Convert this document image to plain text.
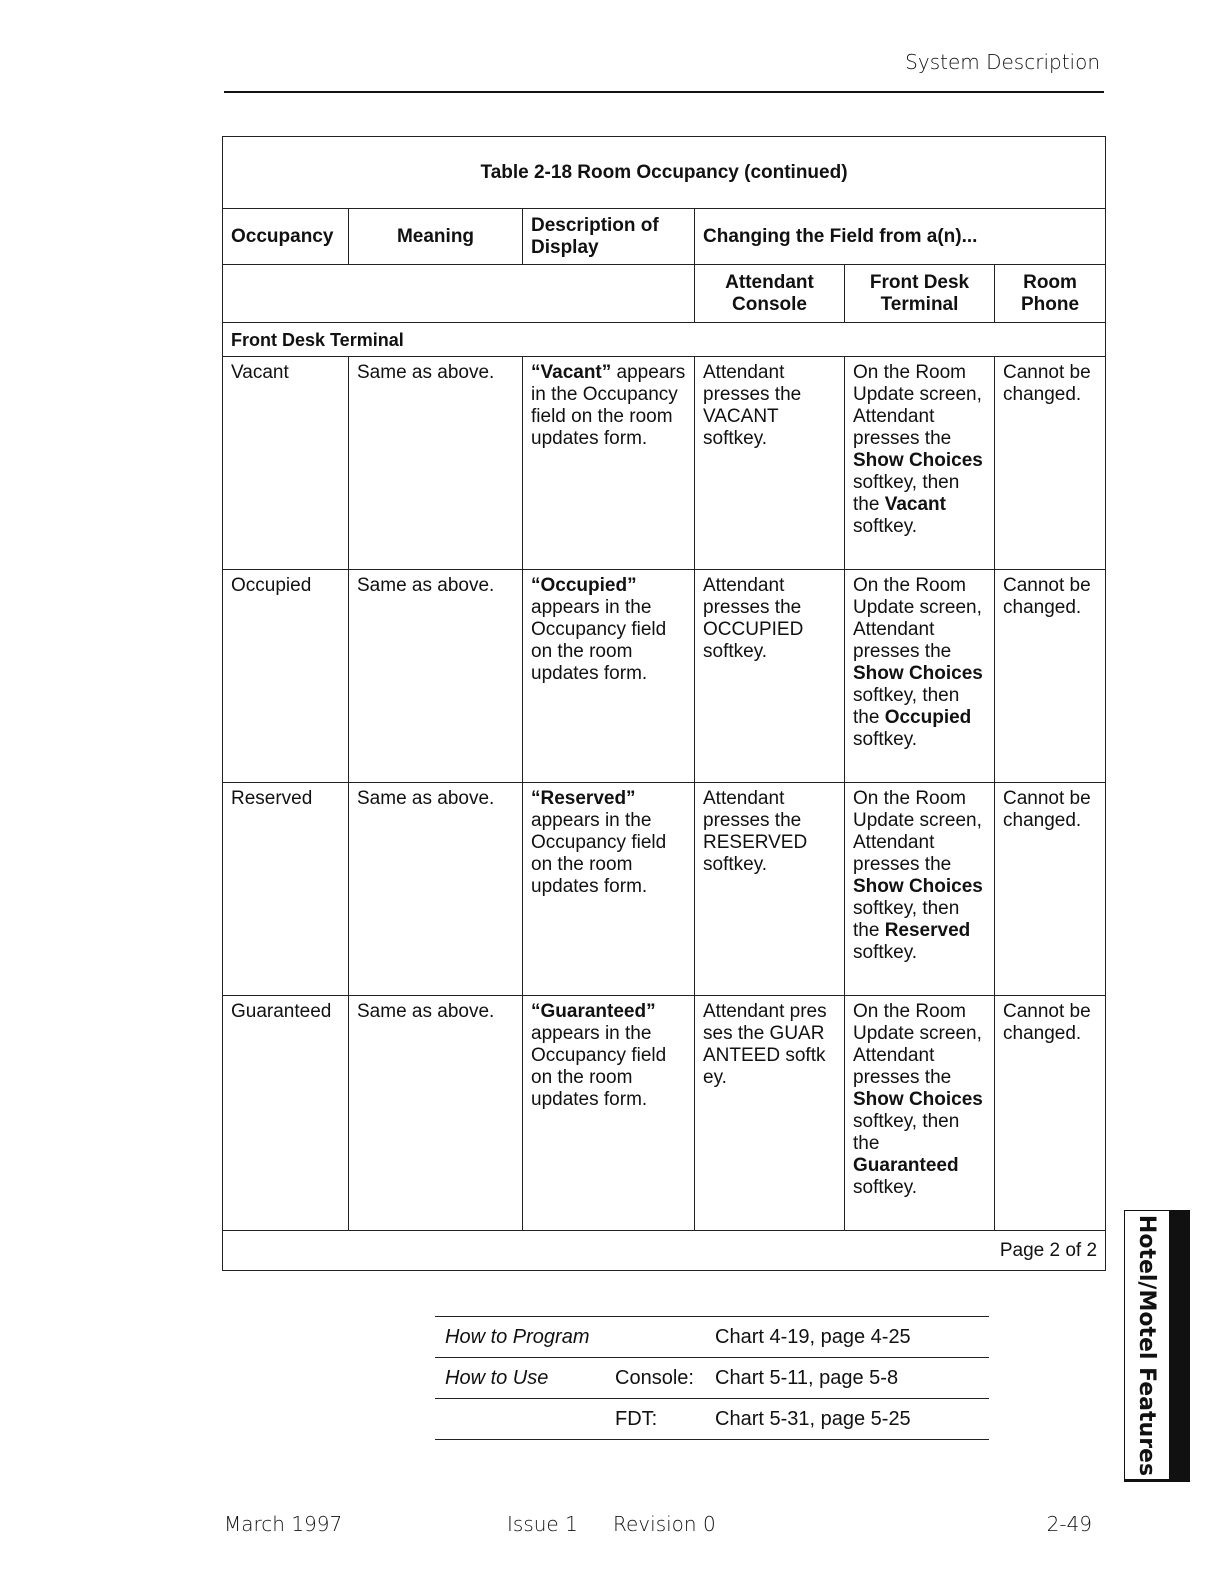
System Description
Table 2-18 Room Occupancy (continued)					
Occupancy	Meaning	Description of Display	Changing the Field from a(n)...		
			Attendant Console	Front Desk Terminal	Room Phone
Front Desk Terminal					
Vacant	Same as above.	“Vacant” appears in the Occupancy field on the room updates form.	Attendant presses the VACANT softkey.	On the Room Update screen, Attendant presses the Show Choices softkey, then the Vacant softkey.	Cannot be changed.
Occupied	Same as above.	“Occupied” appears in the Occupancy field on the room updates form.	Attendant presses the OCCUPIED softkey.	On the Room Update screen, Attendant presses the Show Choices softkey, then the Occupied softkey.	Cannot be changed.
Reserved	Same as above.	“Reserved” appears in the Occupancy field on the room updates form.	Attendant presses the RESERVED softkey.	On the Room Update screen, Attendant presses the Show Choices softkey, then the Reserved softkey.	Cannot be changed.
Guaranteed	Same as above.	“Guaranteed” appears in the Occupancy field on the room updates form.	Attendant presses the GUARANTEED softkey.	On the Room Update screen, Attendant presses the Show Choices softkey, then the Guaranteed softkey.	Cannot be changed.
Page 2 of 2					
How to Program		Chart 4-19, page 4-25
How to Use	Console:	Chart 5-11, page 5-8
	FDT:	Chart 5-31, page 5-25	Hotel/Motel Features
March 1997	Issue 1 Revision 0	2-49
